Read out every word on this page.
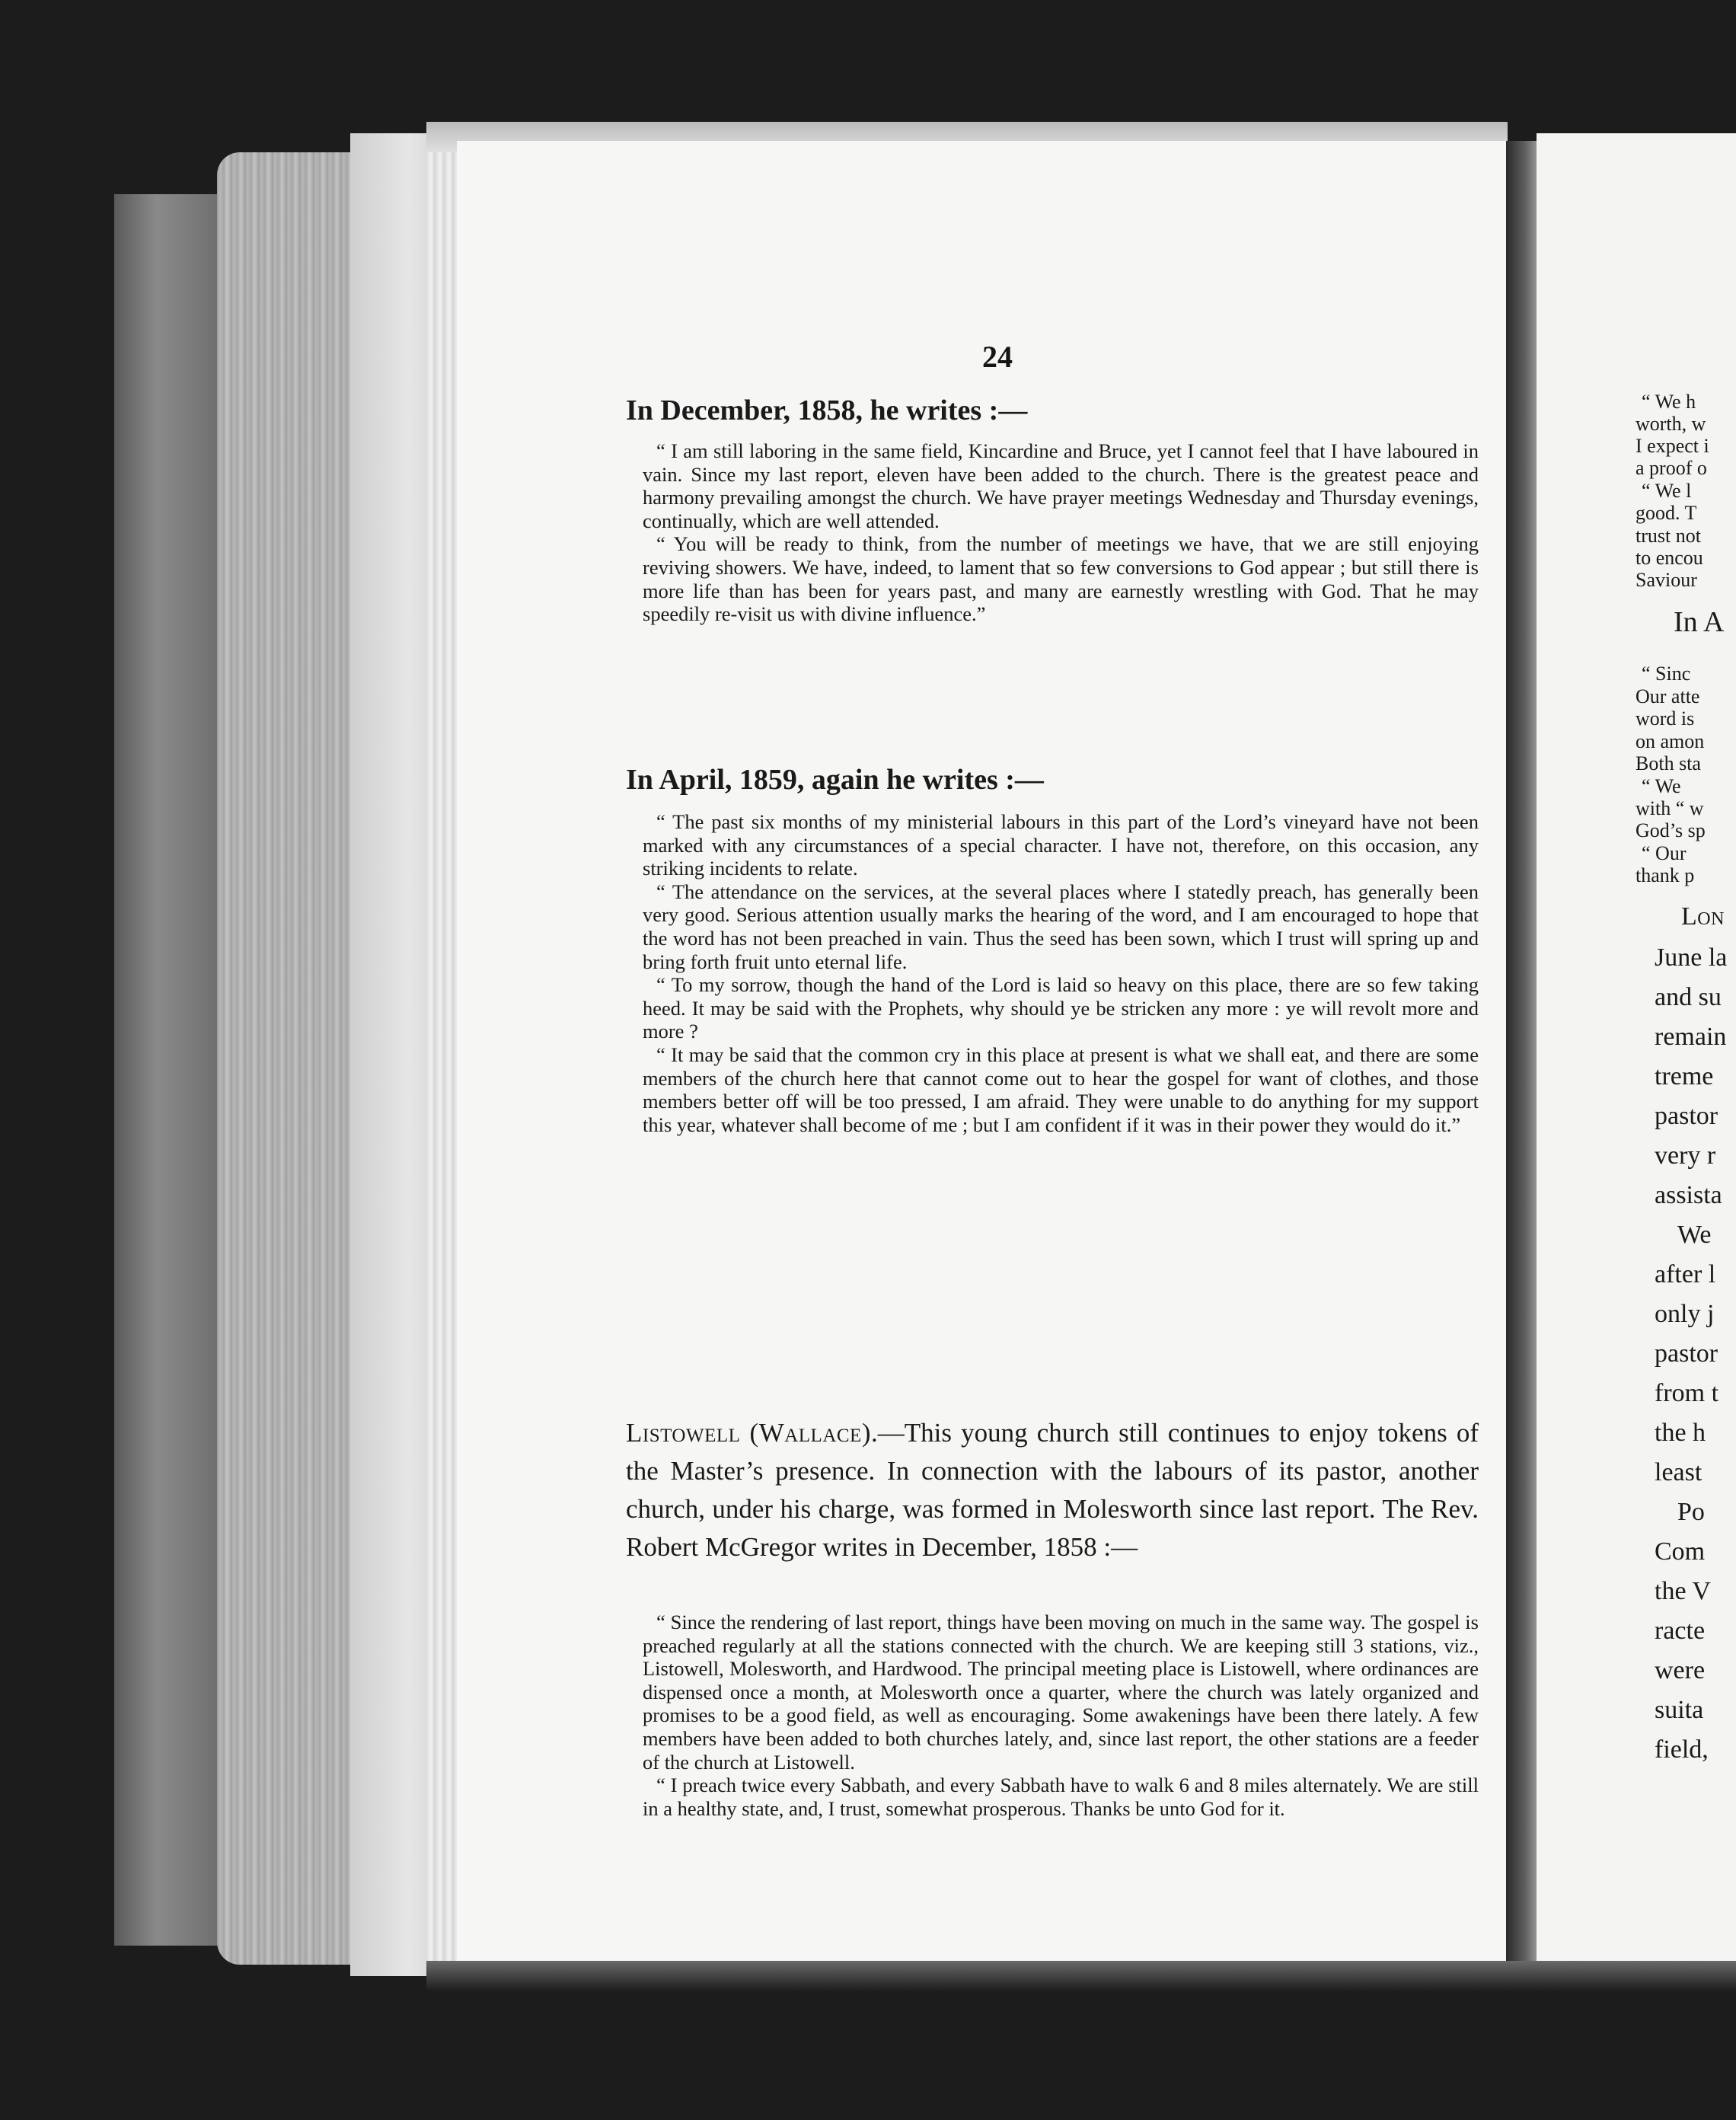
24
In December, 1858, he writes :—

“ I am still laboring in the same field, Kincardine and Bruce, yet I cannot feel that I have laboured in vain. Since my last report, eleven have been added to the church. There is the greatest peace and harmony prevailing amongst the church. We have prayer meetings Wednesday and Thursday evenings, continually, which are well attended.

“ You will be ready to think, from the number of meetings we have, that we are still enjoying reviving showers. We have, indeed, to lament that so few conversions to God appear ; but still there is more life than has been for years past, and many are earnestly wrestling with God. That he may speedily re-visit us with divine influence.”

In April, 1859, again he writes :—

“ The past six months of my ministerial labours in this part of the Lord’s vineyard have not been marked with any circumstances of a special character. I have not, therefore, on this occasion, any striking incidents to relate.

“ The attendance on the services, at the several places where I statedly preach, has generally been very good. Serious attention usually marks the hearing of the word, and I am encouraged to hope that the word has not been preached in vain. Thus the seed has been sown, which I trust will spring up and bring forth fruit unto eternal life.

“ To my sorrow, though the hand of the Lord is laid so heavy on this place, there are so few taking heed. It may be said with the Prophets, why should ye be stricken any more : ye will revolt more and more ?

“ It may be said that the common cry in this place at present is what we shall eat, and there are some members of the church here that cannot come out to hear the gospel for want of clothes, and those members better off will be too pressed, I am afraid. They were unable to do anything for my support this year, whatever shall become of me ; but I am confident if it was in their power they would do it.”

Listowell (Wallace).—This young church still continues to enjoy tokens of the Master’s presence. In connection with the labours of its pastor, another church, under his charge, was formed in Molesworth since last report. The Rev. Robert McGregor writes in December, 1858 :—

“ Since the rendering of last report, things have been moving on much in the same way. The gospel is preached regularly at all the stations connected with the church. We are keeping still 3 stations, viz., Listowell, Molesworth, and Hardwood. The principal meeting place is Listowell, where ordinances are dispensed once a month, at Molesworth once a quarter, where the church was lately organized and promises to be a good field, as well as encouraging. Some awakenings have been there lately. A few members have been added to both churches lately, and, since last report, the other stations are a feeder of the church at Listowell.

“ I preach twice every Sabbath, and every Sabbath have to walk 6 and 8 miles alternately. We are still in a healthy state, and, I trust, somewhat prosperous. Thanks be unto God for it.

“ We h
worth, w
I expect i
a proof o
“ We l
good. T
trust not
to encou
Saviour
In A
“ Sinc
Our atte
word is
on amon
Both sta
“ We
with “ w
God’s sp
“ Our
thank p
Lon
June la
and su
remain
treme
pastor
very r
assista
We
after l
only j
pastor
from t
the h
least
Po
Com
the V
racte
were
suita
field,
